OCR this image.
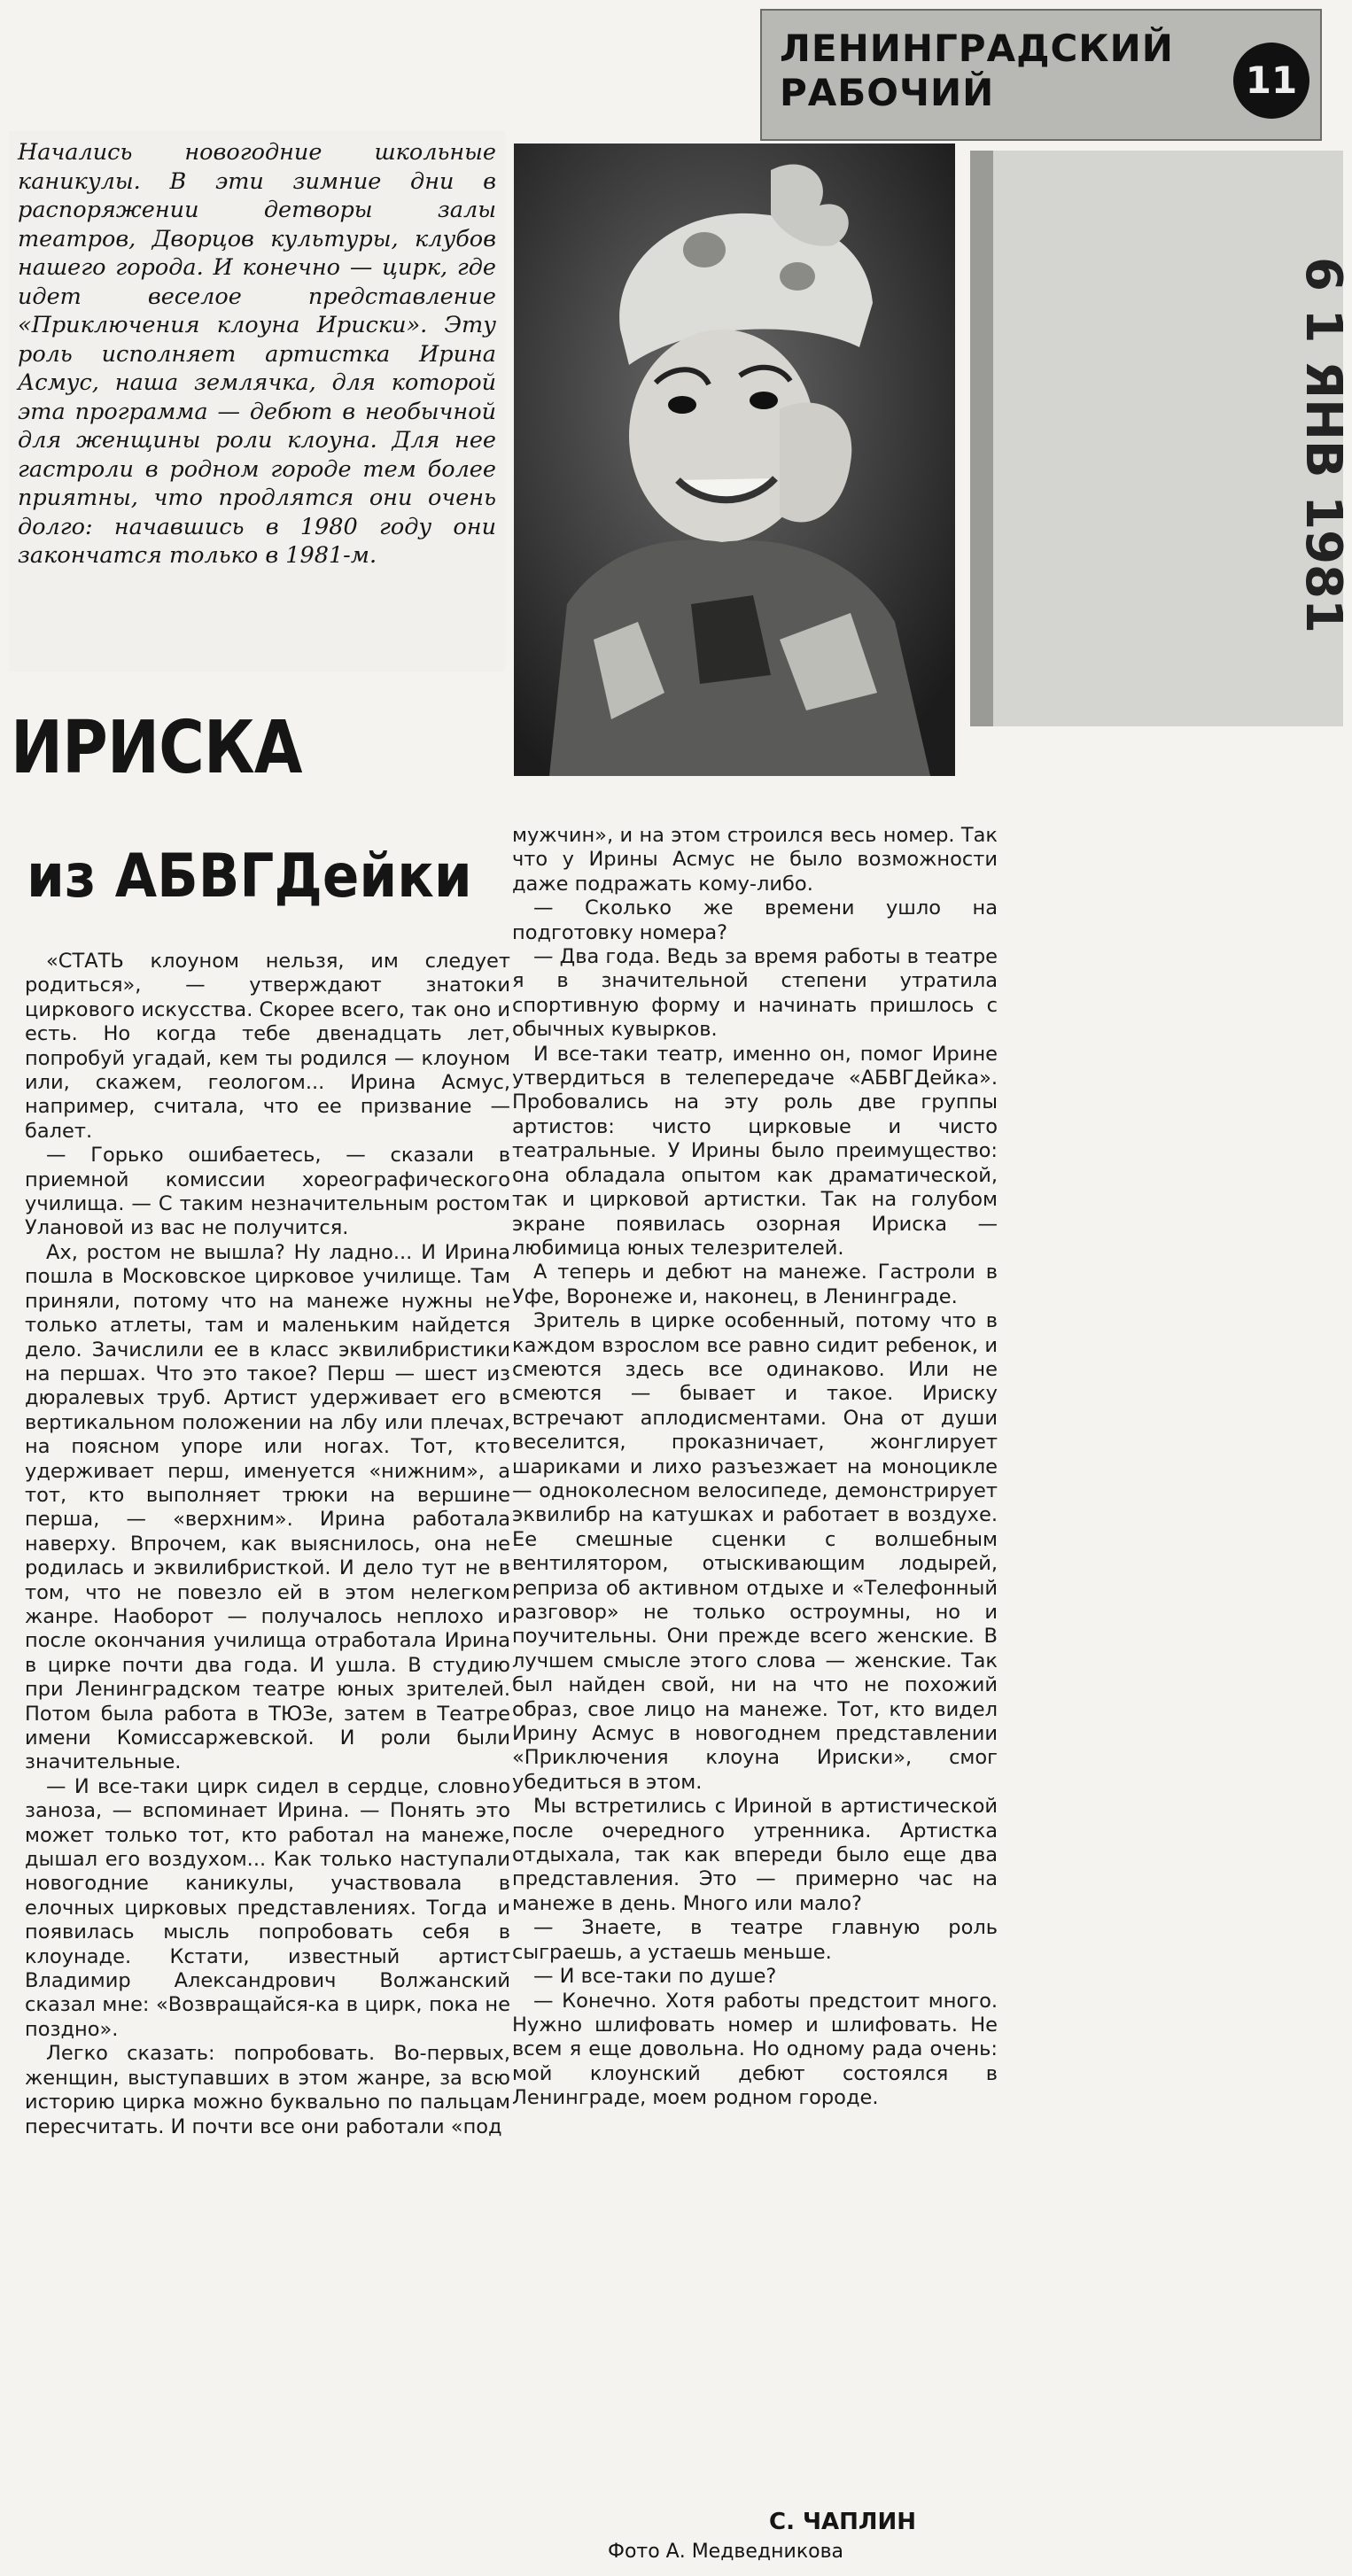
ЛЕНИНГРАДСКИЙ
РАБОЧИЙ	11
6 1 ЯНВ 1981
Начались новогодние школьные каникулы. В эти зимние дни в распоряжении детворы залы театров, Дворцов культуры, клубов нашего города. И конечно — цирк, где идет веселое представление «Приключения клоуна Ириски». Эту роль исполняет артистка Ирина Асмус, наша землячка, для которой эта программа — дебют в необычной для женщины роли клоуна. Для нее гастроли в родном городе тем более приятны, что продлятся они очень долго: начавшись в 1980 году они закончатся только в 1981-м.
ИРИСКА
из АБВГДейки

«СТАТЬ клоуном нельзя, им следует родиться», — утверждают знатоки циркового искусства. Скорее всего, так оно и есть. Но когда тебе двенадцать лет, попробуй угадай, кем ты родился — клоуном или, скажем, геологом... Ирина Асмус, например, считала, что ее призвание — балет.

— Горько ошибаетесь, — сказали в приемной комиссии хореографического училища. — С таким незначительным ростом Улановой из вас не получится.

Ах, ростом не вышла? Ну ладно... И Ирина пошла в Московское цирковое училище. Там приняли, потому что на манеже нужны не только атлеты, там и маленьким найдется дело. Зачислили ее в класс эквилибристики на першах. Что это такое? Перш — шест из дюралевых труб. Артист удерживает его в вертикальном положении на лбу или плечах, на поясном упоре или ногах. Тот, кто удерживает перш, именуется «нижним», а тот, кто выполняет трюки на вершине перша, — «верхним». Ирина работала наверху. Впрочем, как выяснилось, она не родилась и эквилибристкой. И дело тут не в том, что не повезло ей в этом нелегком жанре. Наоборот — получалось неплохо и после окончания училища отработала Ирина в цирке почти два года. И ушла. В студию при Ленинградском театре юных зрителей. Потом была работа в ТЮЗе, затем в Театре имени Комиссаржевской. И роли были значительные.

— И все-таки цирк сидел в сердце, словно заноза, — вспоминает Ирина. — Понять это может только тот, кто работал на манеже, дышал его воздухом... Как только наступали новогодние каникулы, участвовала в елочных цирковых представлениях. Тогда и появилась мысль попробовать себя в клоунаде. Кстати, известный артист Владимир Александрович Волжанский сказал мне: «Возвращайся-ка в цирк, пока не поздно».

Легко сказать: попробовать. Во-первых, женщин, выступавших в этом жанре, за всю историю цирка можно буквально по пальцам пересчитать. И почти все они работали «под

мужчин», и на этом строился весь номер. Так что у Ирины Асмус не было возможности даже подражать кому-либо.

— Сколько же времени ушло на подготовку номера?

— Два года. Ведь за время работы в театре я в значительной степени утратила спортивную форму и начинать пришлось с обычных кувырков.

И все-таки театр, именно он, помог Ирине утвердиться в телепередаче «АБВГДейка». Пробовались на эту роль две группы артистов: чисто цирковые и чисто театральные. У Ирины было преимущество: она обладала опытом как драматической, так и цирковой артистки. Так на голубом экране появилась озорная Ириска — любимица юных телезрителей.

А теперь и дебют на манеже. Гастроли в Уфе, Воронеже и, наконец, в Ленинграде.

Зритель в цирке особенный, потому что в каждом взрослом все равно сидит ребенок, и смеются здесь все одинаково. Или не смеются — бывает и такое. Ириску встречают аплодисментами. Она от души веселится, проказничает, жонглирует шариками и лихо разъезжает на моноцикле — одноколесном велосипеде, демонстрирует эквилибр на катушках и работает в воздухе. Ее смешные сценки с волшебным вентилятором, отыскивающим лодырей, реприза об активном отдыхе и «Телефонный разговор» не только остроумны, но и поучительны. Они прежде всего женские. В лучшем смысле этого слова — женские. Так был найден свой, ни на что не похожий образ, свое лицо на манеже. Тот, кто видел Ирину Асмус в новогоднем представлении «Приключения клоуна Ириски», смог убедиться в этом.

Мы встретились с Ириной в артистической после очередного утренника. Артистка отдыхала, так как впереди было еще два представления. Это — примерно час на манеже в день. Много или мало?

— Знаете, в театре главную роль сыграешь, а устаешь меньше.

— И все-таки по душе?

— Конечно. Хотя работы предстоит много. Нужно шлифовать номер и шлифовать. Не всем я еще довольна. Но одному рада очень: мой клоунский дебют состоялся в Ленинграде, моем родном городе.

С. ЧАПЛИН
Фото А. Медведникова
